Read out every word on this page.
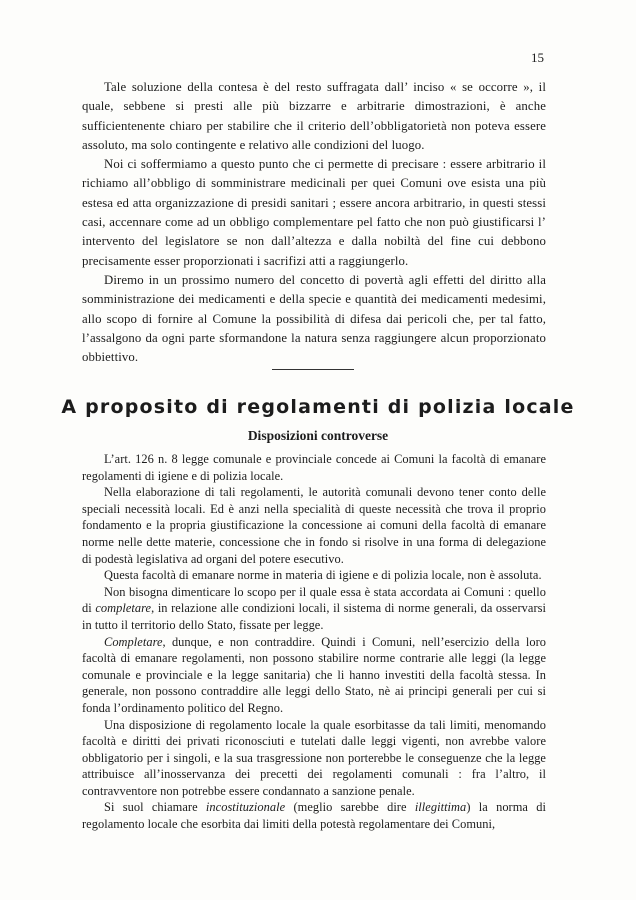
15

Tale soluzione della contesa è del resto suffragata dall’ inciso « se occorre », il quale, sebbene si presti alle più bizzarre e arbitrarie dimostrazioni, è anche sufficientenente chiaro per stabilire che il criterio dell’obbligatorietà non poteva essere assoluto, ma solo contingente e relativo alle condizioni del luogo.

Noi ci soffermiamo a questo punto che ci permette di precisare : essere arbitrario il richiamo all’obbligo di somministrare medicinali per quei Comuni ove esista una più estesa ed atta organizzazione di presidi sanitari ; essere ancora arbitrario, in questi stessi casi, accennare come ad un obbligo complementare pel fatto che non può giustificarsi l’ intervento del legislatore se non dall’altezza e dalla nobiltà del fine cui debbono precisamente esser proporzionati i sacrifizi atti a raggiungerlo.

Diremo in un prossimo numero del concetto di povertà agli effetti del diritto alla somministrazione dei medicamenti e della specie e quantità dei medicamenti medesimi, allo scopo di fornire al Comune la possibilità di difesa dai pericoli che, per tal fatto, l’assalgono da ogni parte sformandone la natura senza raggiungere alcun proporzionato obbiettivo.

A proposito di regolamenti di polizia locale
Disposizioni controverse

L’art. 126 n. 8 legge comunale e provinciale concede ai Comuni la facoltà di emanare regolamenti di igiene e di polizia locale.

Nella elaborazione di tali regolamenti, le autorità comunali devono tener conto delle speciali necessità locali. Ed è anzi nella specialità di queste necessità che trova il proprio fondamento e la propria giustificazione la concessione ai comuni della facoltà di emanare norme nelle dette materie, concessione che in fondo si risolve in una forma di delegazione di podestà legislativa ad organi del potere esecutivo.

Questa facoltà di emanare norme in materia di igiene e di polizia locale, non è assoluta.

Non bisogna dimenticare lo scopo per il quale essa è stata accordata ai Comuni : quello di completare, in relazione alle condizioni locali, il sistema di norme generali, da osservarsi in tutto il territorio dello Stato, fissate per legge.

Completare, dunque, e non contraddire. Quindi i Comuni, nell’esercizio della loro facoltà di emanare regolamenti, non possono stabilire norme contrarie alle leggi (la legge comunale e provinciale e la legge sanitaria) che li hanno investiti della facoltà stessa. In generale, non possono contraddire alle leggi dello Stato, nè ai principi generali per cui si fonda l’ordinamento politico del Regno.

Una disposizione di regolamento locale la quale esorbitasse da tali limiti, menomando facoltà e diritti dei privati riconosciuti e tutelati dalle leggi vigenti, non avrebbe valore obbligatorio per i singoli, e la sua trasgressione non porterebbe le conseguenze che la legge attribuisce all’inosservanza dei precetti dei regolamenti comunali : fra l’altro, il contravventore non potrebbe essere condannato a sanzione penale.

Si suol chiamare incostituzionale (meglio sarebbe dire illegittima) la norma di regolamento locale che esorbita dai limiti della potestà regolamentare dei Comuni,
